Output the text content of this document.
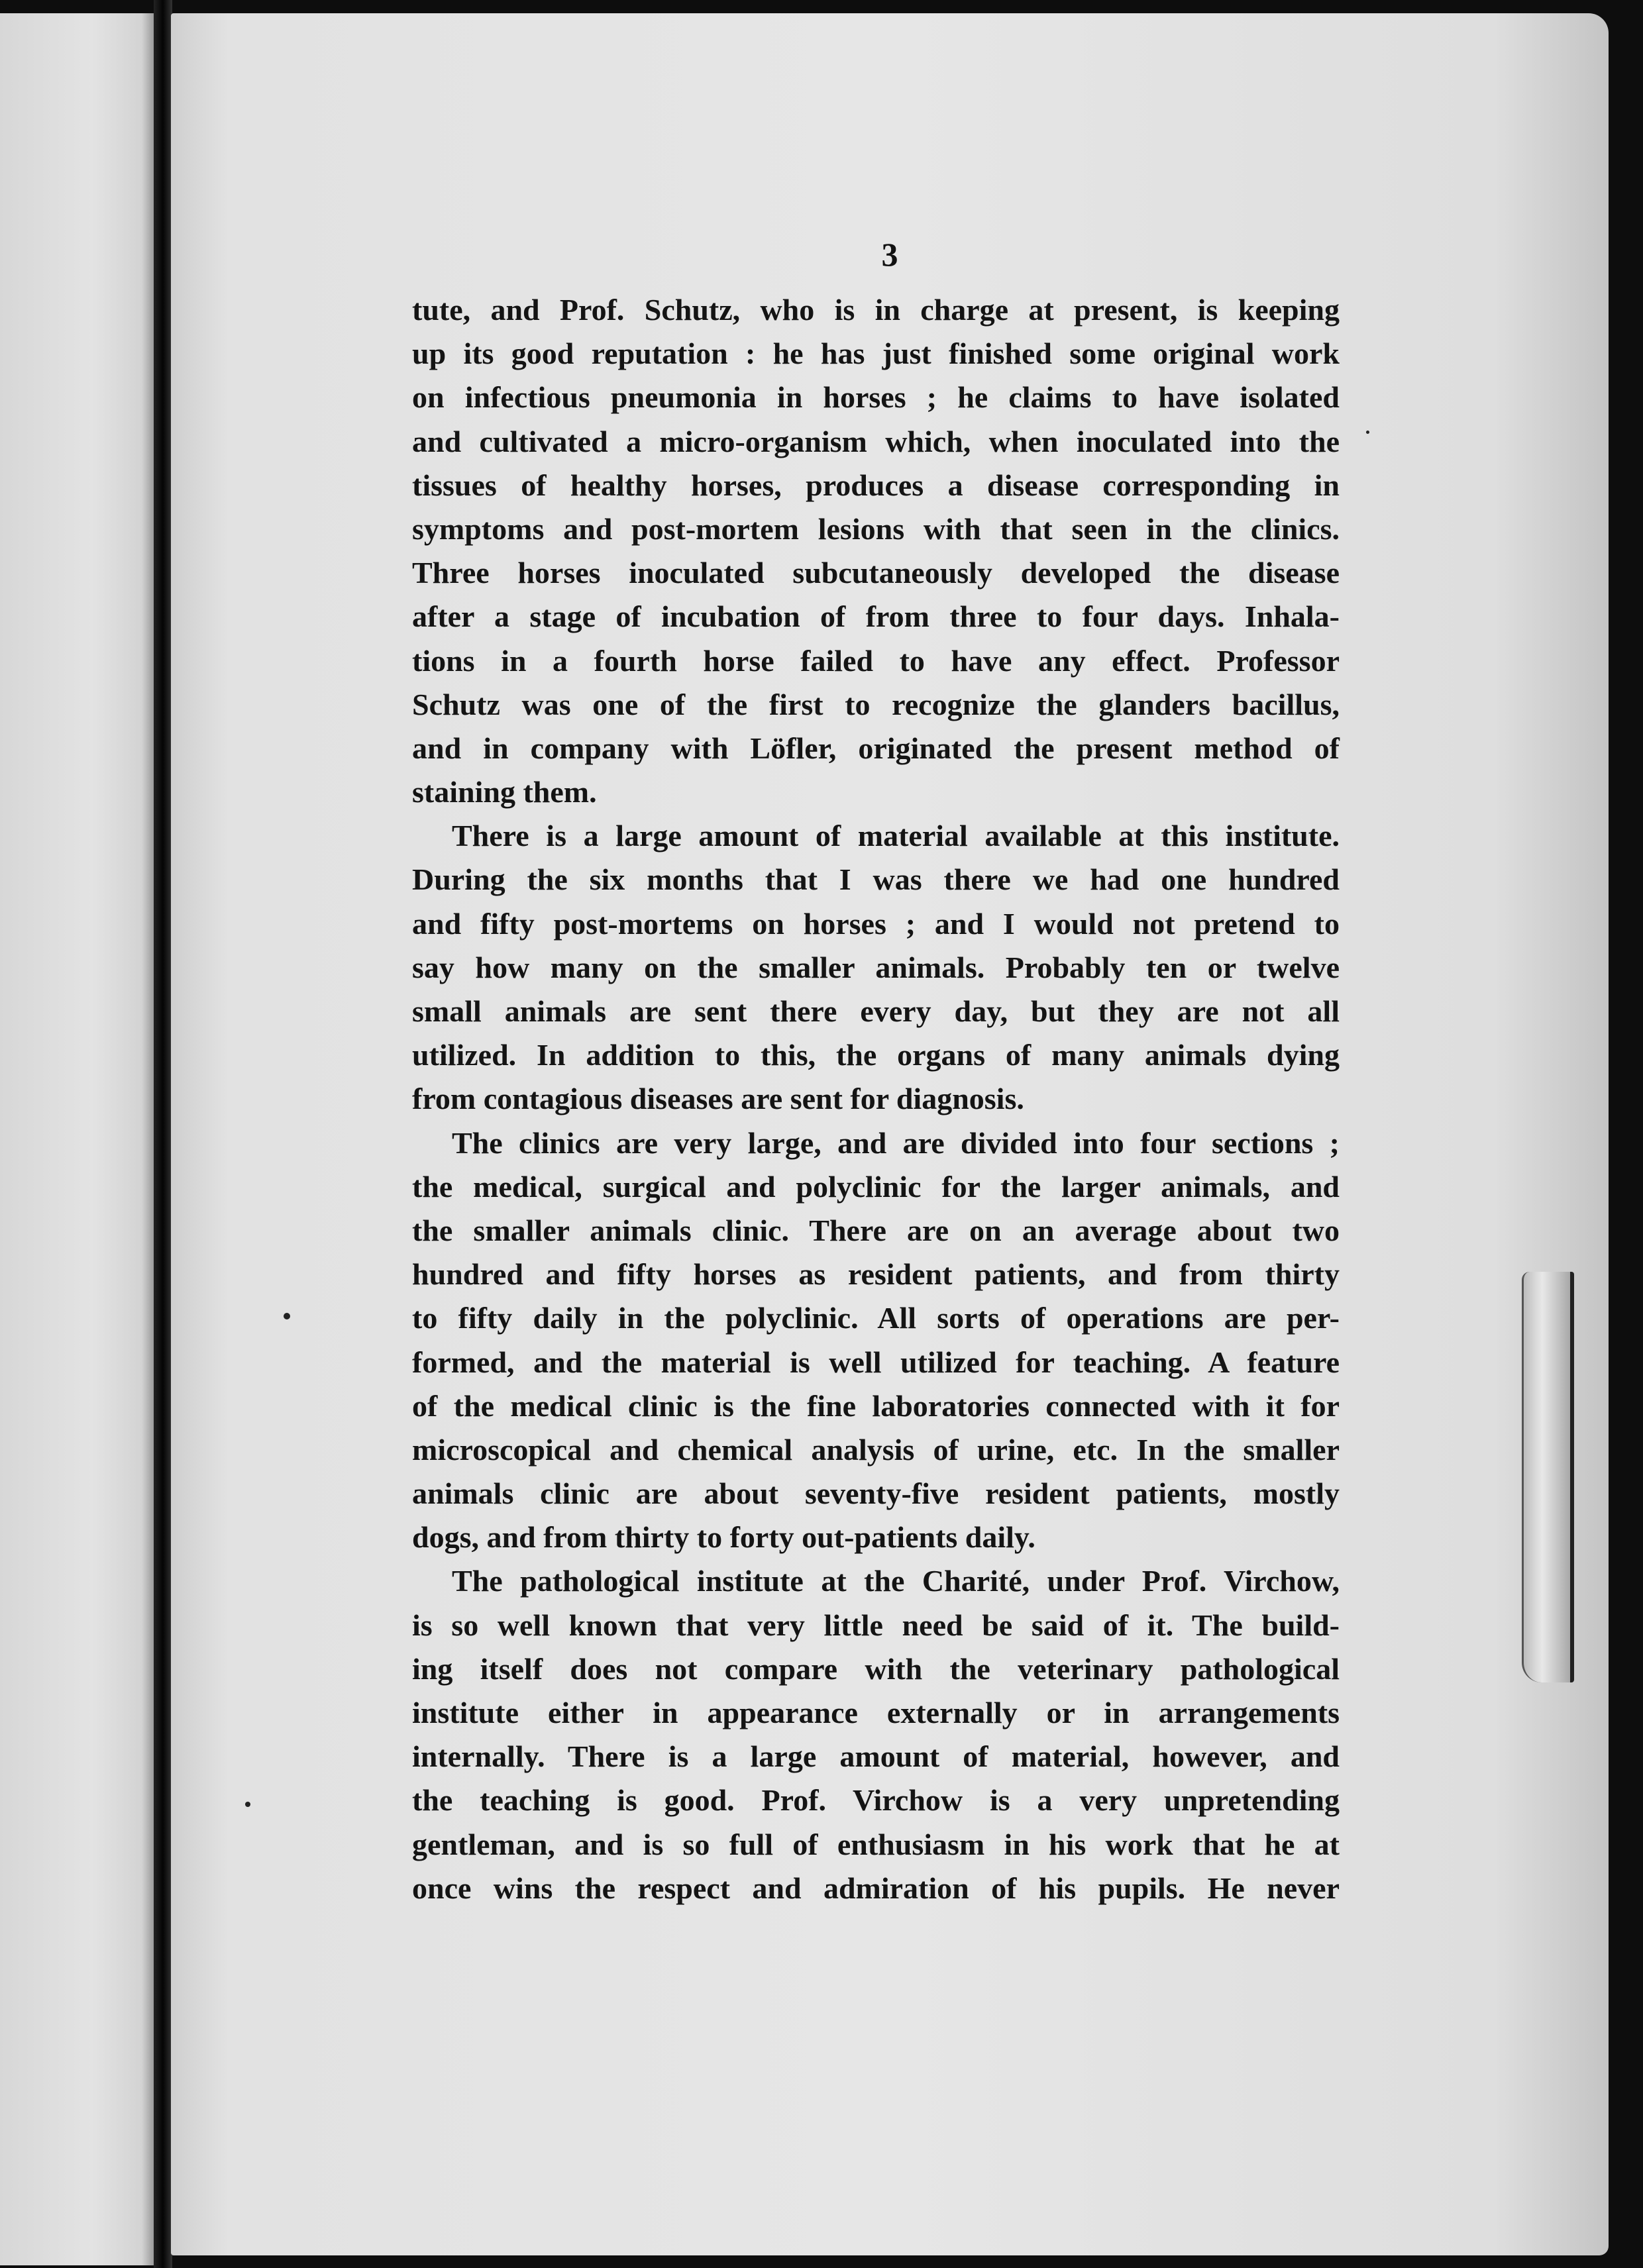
3
tute, and Prof. Schutz, who is in charge at present, is keeping
up its good reputation : he has just finished some original work
on infectious pneumonia in horses ; he claims to have isolated
and cultivated a micro-organism which, when inoculated into the
tissues of healthy horses, produces a disease corresponding in
symptoms and post-mortem lesions with that seen in the clinics.
Three horses inoculated subcutaneously developed the disease
after a stage of incubation of from three to four days. Inhala-
tions in a fourth horse failed to have any effect. Professor
Schutz was one of the first to recognize the glanders bacillus,
and in company with Löfler, originated the present method of
staining them.
There is a large amount of material available at this institute.
During the six months that I was there we had one hundred
and fifty post-mortems on horses ; and I would not pretend to
say how many on the smaller animals. Probably ten or twelve
small animals are sent there every day, but they are not all
utilized. In addition to this, the organs of many animals dying
from contagious diseases are sent for diagnosis.
The clinics are very large, and are divided into four sections ;
the medical, surgical and polyclinic for the larger animals, and
the smaller animals clinic. There are on an average about two
hundred and fifty horses as resident patients, and from thirty
to fifty daily in the polyclinic. All sorts of operations are per-
formed, and the material is well utilized for teaching. A feature
of the medical clinic is the fine laboratories connected with it for
microscopical and chemical analysis of urine, etc. In the smaller
animals clinic are about seventy-five resident patients, mostly
dogs, and from thirty to forty out-patients daily.
The pathological institute at the Charité, under Prof. Virchow,
is so well known that very little need be said of it. The build-
ing itself does not compare with the veterinary pathological
institute either in appearance externally or in arrangements
internally. There is a large amount of material, however, and
the teaching is good. Prof. Virchow is a very unpretending
gentleman, and is so full of enthusiasm in his work that he at
once wins the respect and admiration of his pupils. He never
